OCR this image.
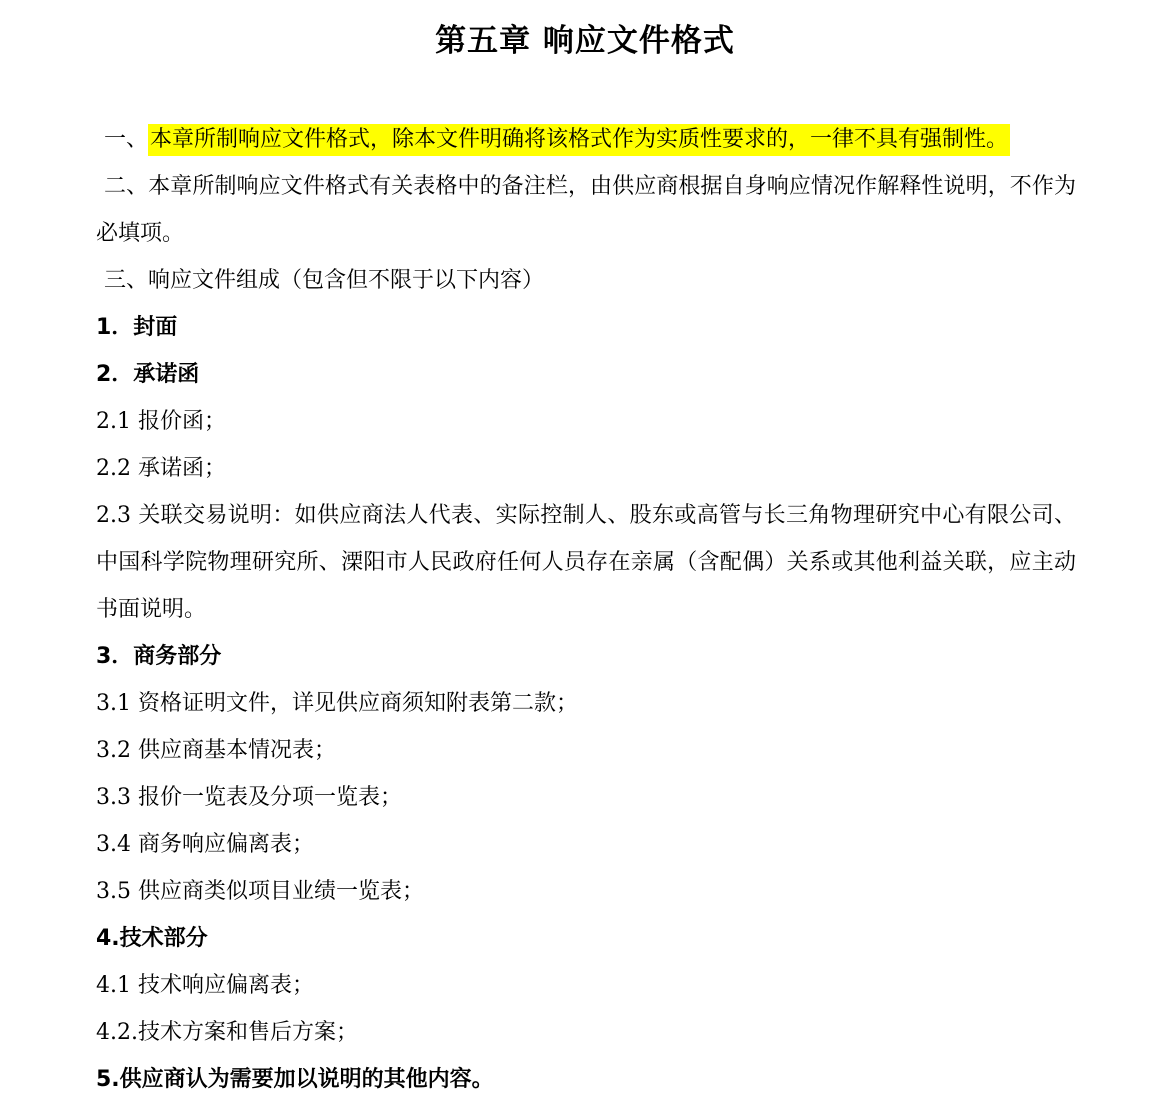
第五章 响应文件格式

一、本章所制响应文件格式，除本文件明确将该格式作为实质性要求的，一律不具有强制性。

二、本章所制响应文件格式有关表格中的备注栏，由供应商根据自身响应情况作解释性说明，不作为必填项。

三、响应文件组成（包含但不限于以下内容）

1．封面

2．承诺函

2.1 报价函；

2.2 承诺函；

2.3 关联交易说明：如供应商法人代表、实际控制人、股东或高管与长三角物理研究中心有限公司、中国科学院物理研究所、溧阳市人民政府任何人员存在亲属（含配偶）关系或其他利益关联，应主动书面说明。

3．商务部分

3.1 资格证明文件，详见供应商须知附表第二款；

3.2 供应商基本情况表；

3.3 报价一览表及分项一览表；

3.4 商务响应偏离表；

3.5 供应商类似项目业绩一览表；

4.技术部分

4.1 技术响应偏离表；

4.2.技术方案和售后方案；

5.供应商认为需要加以说明的其他内容。
